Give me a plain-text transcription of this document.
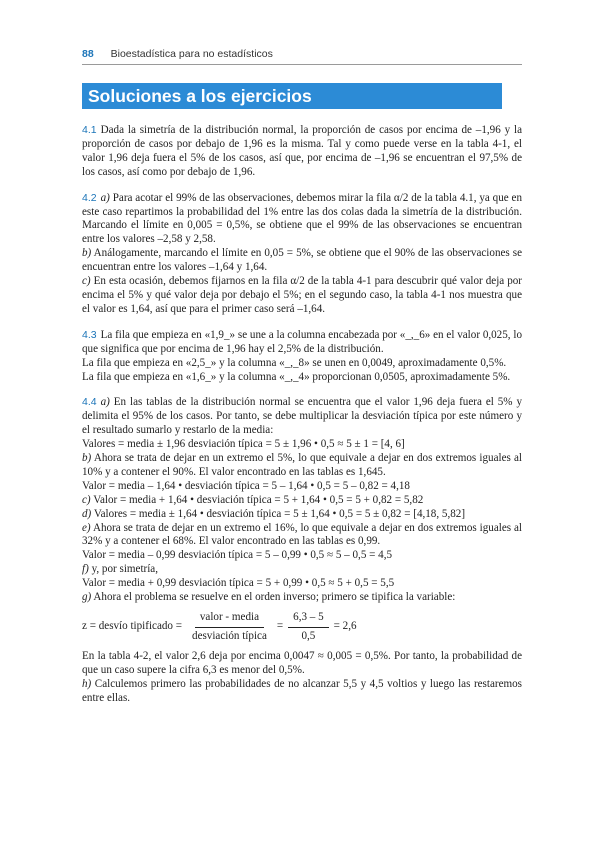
88 Bioestadística para no estadísticos
Soluciones a los ejercicios

4.1 Dada la simetría de la distribución normal, la proporción de casos por encima de –1,96 y la proporción de casos por debajo de 1,96 es la misma. Tal y como puede verse en la tabla 4-1, el valor 1,96 deja fuera el 5% de los casos, así que, por encima de –1,96 se encuentran el 97,5% de los casos, así como por debajo de 1,96.

4.2 a) Para acotar el 99% de las observaciones, debemos mirar la fila α/2 de la tabla 4.1, ya que en este caso repartimos la probabilidad del 1% entre las dos colas dada la simetría de la distribución. Marcando el límite en 0,005 = 0,5%, se obtiene que el 99% de las observaciones se encuentran entre los valores –2,58 y 2,58.

b) Análogamente, marcando el límite en 0,05 = 5%, se obtiene que el 90% de las observaciones se encuentran entre los valores –1,64 y 1,64.

c) En esta ocasión, debemos fijarnos en la fila α/2 de la tabla 4-1 para descubrir qué valor deja por encima el 5% y qué valor deja por debajo el 5%; en el segundo caso, la tabla 4-1 nos muestra que el valor es 1,64, así que para el primer caso será –1,64.

4.3 La fila que empieza en «1,9_» se une a la columna encabezada por «_,_6» en el valor 0,025, lo que significa que por encima de 1,96 hay el 2,5% de la distribución.

La fila que empieza en «2,5_» y la columna «_,_8» se unen en 0,0049, aproximadamente 0,5%.

La fila que empieza en «1,6_» y la columna «_,_4» proporcionan 0,0505, aproximadamente 5%.

4.4 a) En las tablas de la distribución normal se encuentra que el valor 1,96 deja fuera el 5% y delimita el 95% de los casos. Por tanto, se debe multiplicar la desviación típica por este número y el resultado sumarlo y restarlo de la media:

Valores = media ± 1,96 desviación típica = 5 ± 1,96 • 0,5 ≈ 5 ± 1 = [4, 6]

b) Ahora se trata de dejar en un extremo el 5%, lo que equivale a dejar en dos extremos iguales al 10% y a contener el 90%. El valor encontrado en las tablas es 1,645.

Valor = media – 1,64 • desviación típica = 5 – 1,64 • 0,5 = 5 – 0,82 = 4,18

c) Valor = media + 1,64 • desviación típica = 5 + 1,64 • 0,5 = 5 + 0,82 = 5,82

d) Valores = media ± 1,64 • desviación típica = 5 ± 1,64 • 0,5 = 5 ± 0,82 = [4,18, 5,82]

e) Ahora se trata de dejar en un extremo el 16%, lo que equivale a dejar en dos extremos iguales al 32% y a contener el 68%. El valor encontrado en las tablas es 0,99.

Valor = media – 0,99 desviación típica = 5 – 0,99 • 0,5 ≈ 5 – 0,5 = 4,5

f) y, por simetría,

Valor = media + 0,99 desviación típica = 5 + 0,99 • 0,5 ≈ 5 + 0,5 = 5,5

g) Ahora el problema se resuelve en el orden inverso; primero se tipifica la variable:

z = desvío tipificado = $\frac{\text{valor - media}}{\text{desviación típica}} = \frac{6,3 - 5}{0,5} = 2,6$

En la tabla 4-2, el valor 2,6 deja por encima 0,0047 ≈ 0,005 = 0,5%. Por tanto, la probabilidad de que un caso supere la cifra 6,3 es menor del 0,5%.

h) Calculemos primero las probabilidades de no alcanzar 5,5 y 4,5 voltios y luego las restaremos entre ellas.
